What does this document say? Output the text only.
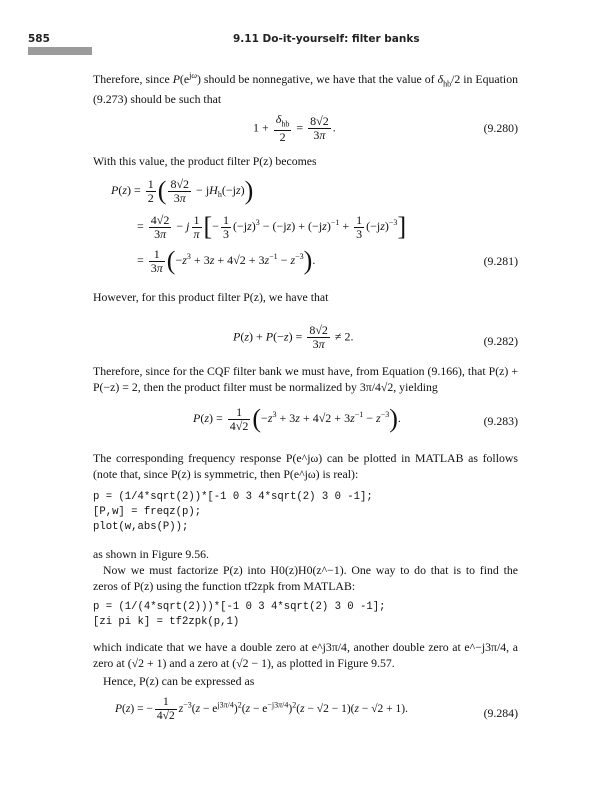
585	9.11 Do-it-yourself: filter banks
Therefore, since $P(e^{j\omega})$ should be nonnegative, we have that the value of $\delta_{hb}/2$ in Equation (9.273) should be such that
$1 + \frac{\delta_{hb}}{2} = \frac{8√2}{3\pi}$ .	(9.280)
With this value, the product filter P(z) becomes
$P(z) = \frac{1}{2}$ ( $\frac{8√2}{3\pi} - jH_h(-jz)$)
= $\frac{4√2}{3\pi} - j \frac{1}{\pi}$ [− $\frac{1}{3} (-jz)^3 - (-jz) + (-jz)^{-1} + \frac{1}{3} (-jz)^{-3}$]
= $\frac{1}{3\pi} (-z^3 + 3z + 4√2 + 3z^{-1} - z^{-3})$.	(9.281)
However, for this product filter P(z), we have that
$P(z) + P(-z) = \frac{8√2}{3\pi} \ne 2$.	(9.282)
Therefore, since for the CQF filter bank we must have, from Equation (9.166), that P(z) + P(−z) = 2, then the product filter must be normalized by 3π/4√2, yielding
$P(z) = \frac{1}{4√2} (-z^3 + 3z + 4√2 + 3z^{-1} - z^{-3})$.	(9.283)
The corresponding frequency response P(e^jω) can be plotted in MATLAB as follows (note that, since P(z) is symmetric, then P(e^jω) is real):
p = (1/4*sqrt(2))*[-1 0 3 4*sqrt(2) 3 0 -1];
[P,w] = freqz(p);
plot(w,abs(P));
as shown in Figure 9.56.
Now we must factorize P(z) into H0(z)H0(z^−1). One way to do that is to find the zeros of P(z) using the function tf2zpk from MATLAB:
p = (1/(4*sqrt(2)))*[-1 0 3 4*sqrt(2) 3 0 -1];
[zi pi k] = tf2zpk(p,1)
which indicate that we have a double zero at e^j3π/4, another double zero at e^−j3π/4, a zero at (√2 + 1) and a zero at (√2 − 1), as plotted in Figure 9.57.
Hence, P(z) can be expressed as
P(z) = − $\frac{1}{4√2} z^{-3}(z - e^{j3\pi/4})^2(z - e^{-j3\pi/4})^2(z - √2 - 1)(z - √2 + 1)$.	(9.284)
